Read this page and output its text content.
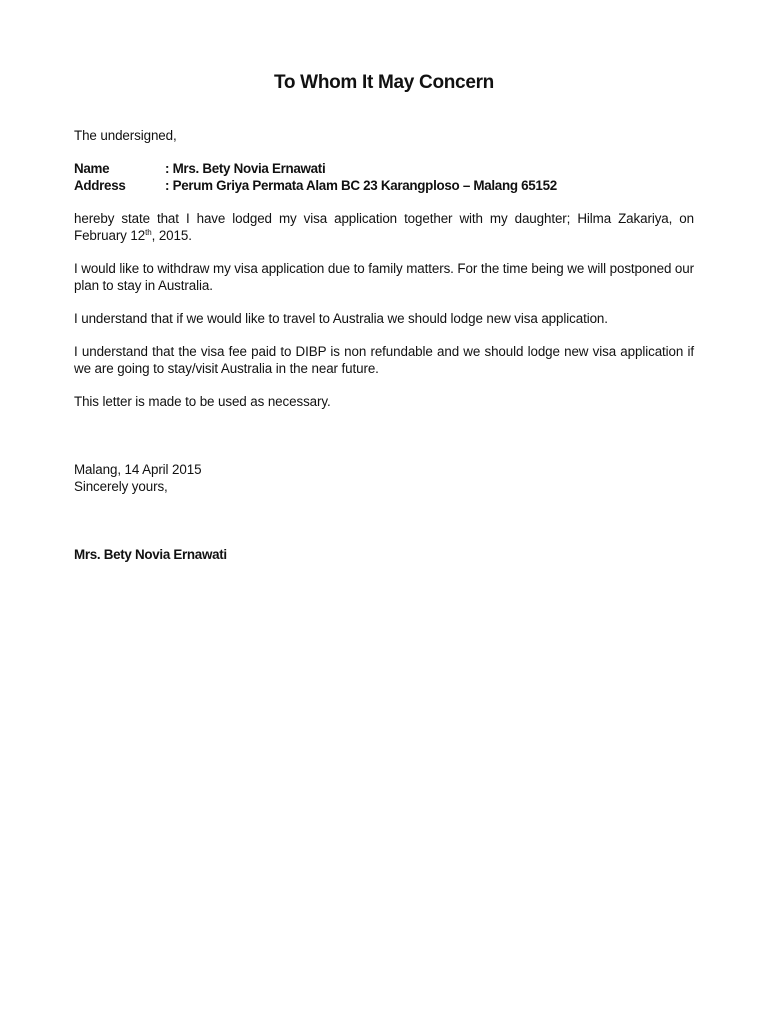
To Whom It May Concern

The undersigned,

Name	: Mrs. Bety Novia Ernawati
Address	: Perum Griya Permata Alam BC 23 Karangploso – Malang 65152

hereby state that I have lodged my visa application together with my daughter; Hilma Zakariya, on February 12th, 2015.

I would like to withdraw my visa application due to family matters. For the time being we will postponed our plan to stay in Australia.

I understand that if we would like to travel to Australia we should lodge new visa application.

I understand that the visa fee paid to DIBP is non refundable and we should lodge new visa application if we are going to stay/visit Australia in the near future.

This letter is made to be used as necessary.

Malang, 14 April 2015
Sincerely yours,
Mrs. Bety Novia Ernawati
